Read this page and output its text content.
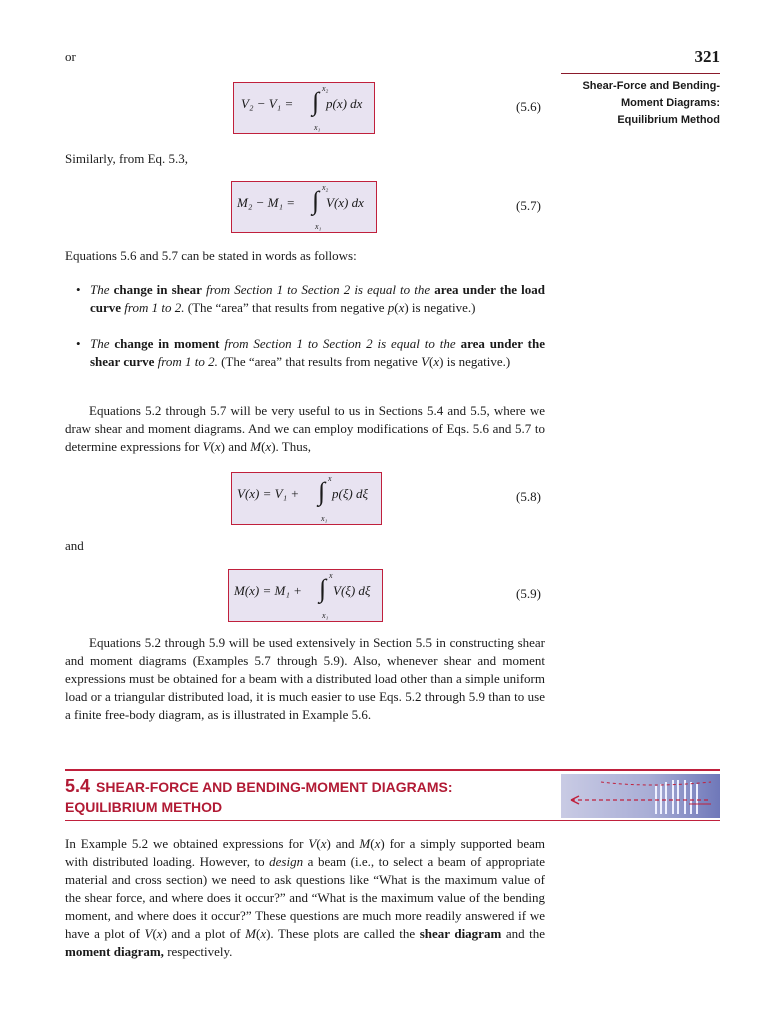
or	321
Shear-Force and Bending-
Moment Diagrams:
Equilibrium Method
V₂ − V₁ = ∫ x₂
x₁
p(x) dx	(5.6)
Similarly, from Eq. 5.3,
M₂ − M₁ = ∫ x₂
x₁
V(x) dx	(5.7)
Equations 5.6 and 5.7 can be stated in words as follows:
• The change in shear from Section 1 to Section 2 is equal to the area under the load curve from 1 to 2. (The “area” that results from negative p(x) is negative.)
• The change in moment from Section 1 to Section 2 is equal to the area under the shear curve from 1 to 2. (The “area” that results from negative V(x) is negative.)
Equations 5.2 through 5.7 will be very useful to us in Sections 5.4 and 5.5, where we draw shear and moment diagrams. And we can employ modifications of Eqs. 5.6 and 5.7 to determine expressions for V(x) and M(x). Thus,
V(x) = V₁ + ∫ x
x₁
p(ξ) dξ	(5.8)
and
M(x) = M₁ + ∫ x
x₁
V(ξ) dξ	(5.9)
Equations 5.2 through 5.9 will be used extensively in Section 5.5 in constructing shear and moment diagrams (Examples 5.7 through 5.9). Also, whenever shear and moment expressions must be obtained for a beam with a distributed load other than a simple uniform load or a triangular distributed load, it is much easier to use Eqs. 5.2 through 5.9 than to use a finite free-body diagram, as is illustrated in Example 5.6.
5.4 SHEAR-FORCE AND BENDING-MOMENT DIAGRAMS:
EQUILIBRIUM METHOD
In Example 5.2 we obtained expressions for V(x) and M(x) for a simply supported beam with distributed loading. However, to design a beam (i.e., to select a beam of appropriate material and cross section) we need to ask questions like “What is the maximum value of the shear force, and where does it occur?” and “What is the maximum value of the bending moment, and where does it occur?” These questions are much more readily answered if we have a plot of V(x) and a plot of M(x). These plots are called the shear diagram and the moment diagram, respectively.
